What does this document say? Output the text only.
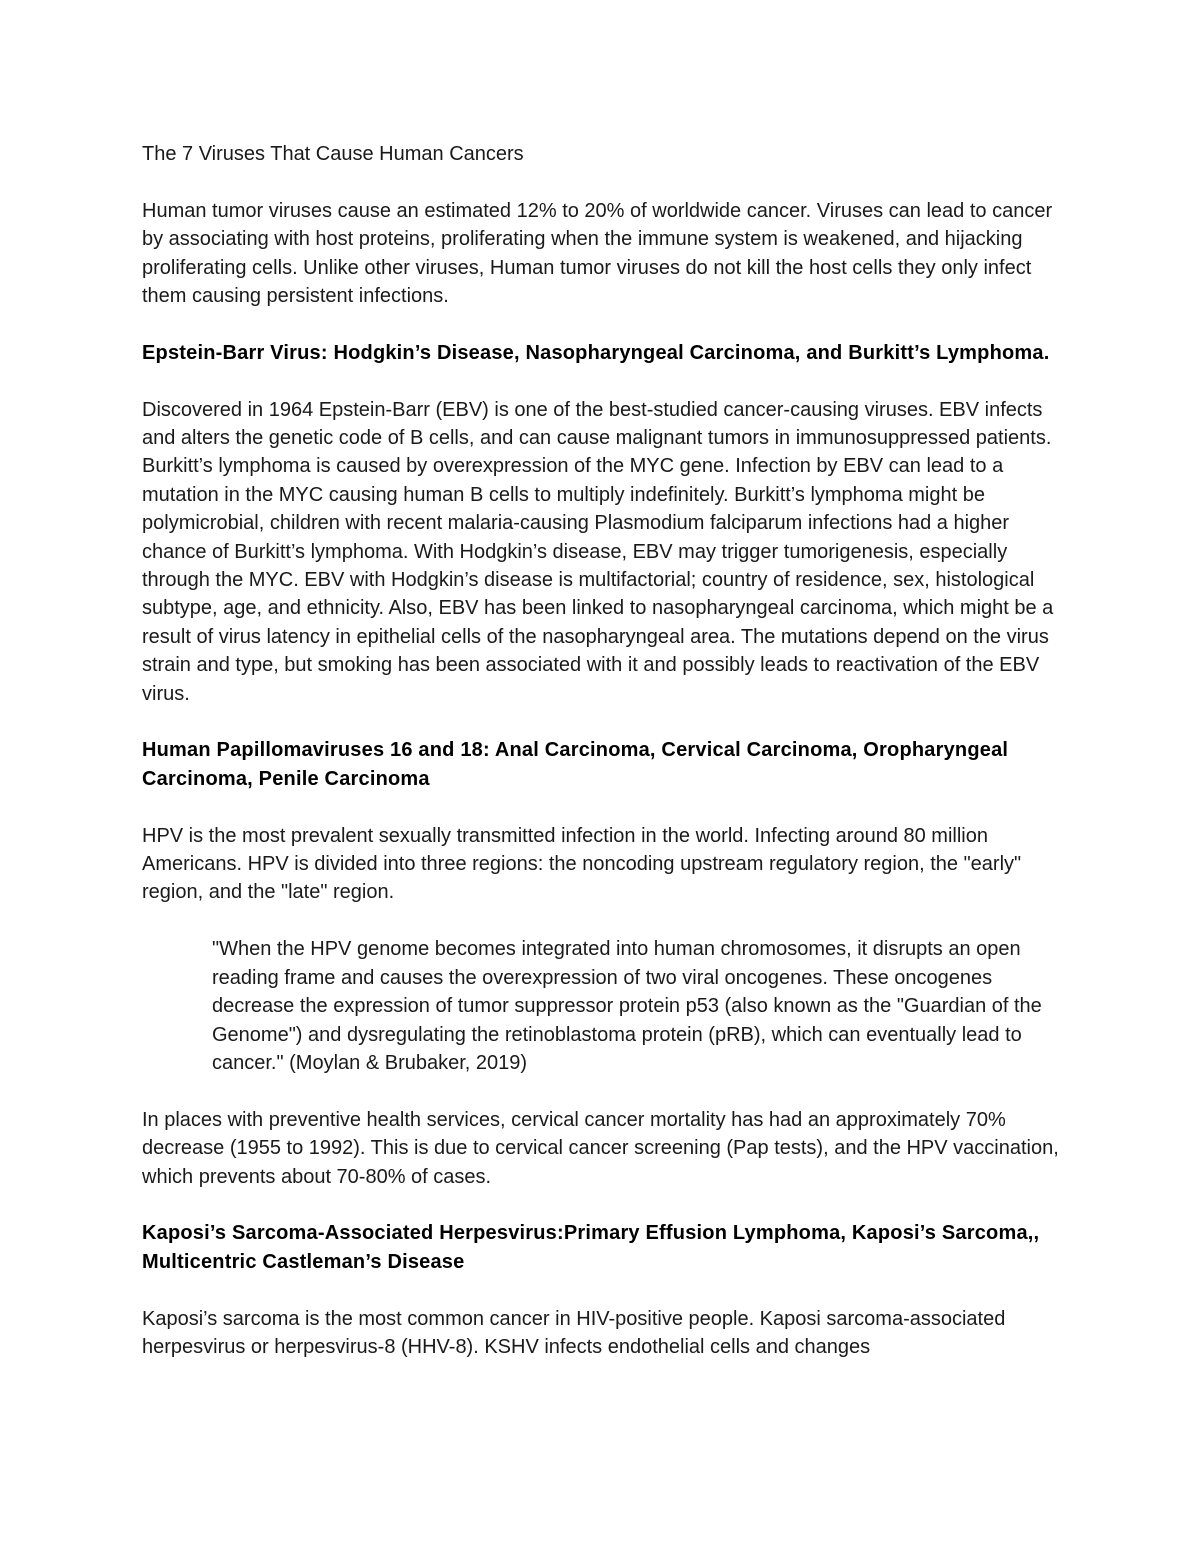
The 7 Viruses That Cause Human Cancers

Human tumor viruses cause an estimated 12% to 20% of worldwide cancer. Viruses can lead to cancer by associating with host proteins, proliferating when the immune system is weakened, and hijacking proliferating cells. Unlike other viruses, Human tumor viruses do not kill the host cells they only infect them causing persistent infections.

Epstein-Barr Virus: Hodgkin’s Disease, Nasopharyngeal Carcinoma, and Burkitt’s Lymphoma.

Discovered in 1964 Epstein-Barr (EBV) is one of the best-studied cancer-causing viruses. EBV infects and alters the genetic code of B cells, and can cause malignant tumors in immunosuppressed patients. Burkitt’s lymphoma is caused by overexpression of the MYC gene. Infection by EBV can lead to a mutation in the MYC causing human B cells to multiply indefinitely. Burkitt’s lymphoma might be polymicrobial, children with recent malaria-causing Plasmodium falciparum infections had a higher chance of Burkitt’s lymphoma. With Hodgkin’s disease, EBV may trigger tumorigenesis, especially through the MYC. EBV with Hodgkin’s disease is multifactorial; country of residence, sex, histological subtype, age, and ethnicity. Also, EBV has been linked to nasopharyngeal carcinoma, which might be a result of virus latency in epithelial cells of the nasopharyngeal area. The mutations depend on the virus strain and type, but smoking has been associated with it and possibly leads to reactivation of the EBV virus.

Human Papillomaviruses 16 and 18: Anal Carcinoma, Cervical Carcinoma, Oropharyngeal Carcinoma, Penile Carcinoma

HPV is the most prevalent sexually transmitted infection in the world. Infecting around 80 million Americans. HPV is divided into three regions: the noncoding upstream regulatory region, the "early" region, and the "late" region.

"When the HPV genome becomes integrated into human chromosomes, it disrupts an open reading frame and causes the overexpression of two viral oncogenes. These oncogenes decrease the expression of tumor suppressor protein p53 (also known as the "Guardian of the Genome") and dysregulating the retinoblastoma protein (pRB), which can eventually lead to cancer." (Moylan & Brubaker, 2019)

In places with preventive health services, cervical cancer mortality has had an approximately 70% decrease (1955 to 1992). This is due to cervical cancer screening (Pap tests), and the HPV vaccination, which prevents about 70-80% of cases.

Kaposi’s Sarcoma-Associated Herpesvirus:Primary Effusion Lymphoma, Kaposi’s Sarcoma,, Multicentric Castleman’s Disease

Kaposi’s sarcoma is the most common cancer in HIV-positive people. Kaposi sarcoma-associated herpesvirus or herpesvirus-8 (HHV-8). KSHV infects endothelial cells and changes
